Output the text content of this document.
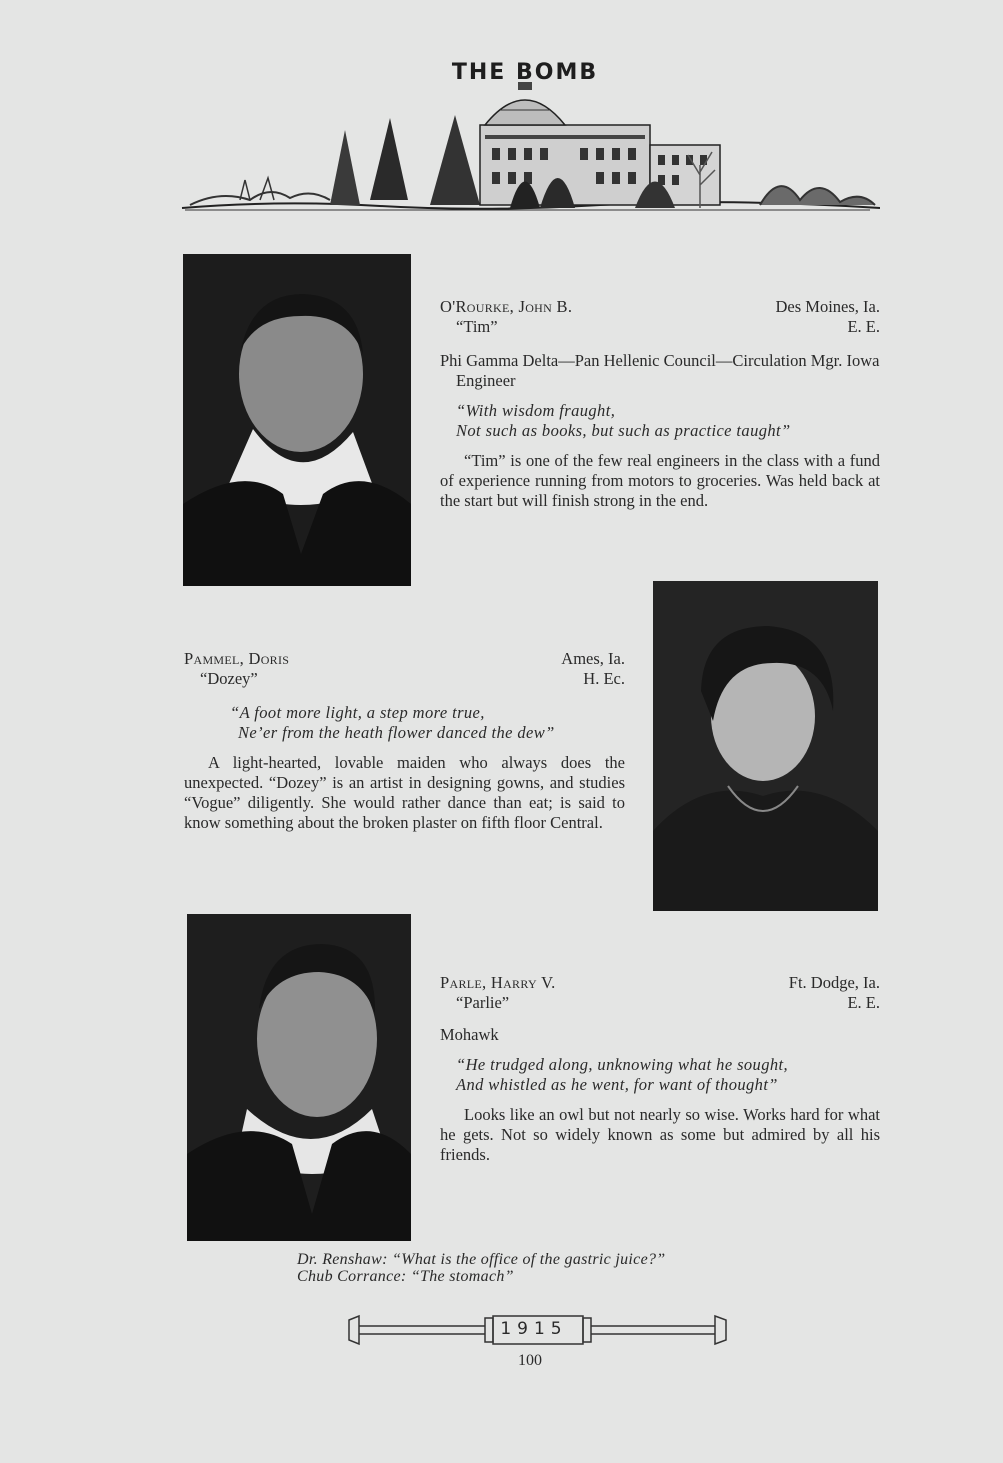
THE BOMB
O'Rourke, John B.	Des Moines, Ia.
“Tim”	E. E.
Phi Gamma Delta—Pan Hellenic Council—Circulation Mgr. Iowa Engineer
“With wisdom fraught,
Not such as books, but such as practice taught”
“Tim” is one of the few real engineers in the class with a fund of experience running from motors to groceries. Was held back at the start but will finish strong in the end.
Pammel, Doris	Ames, Ia.
“Dozey”	H. Ec.
“A foot more light, a step more true,
Ne’er from the heath flower danced the dew”
A light-hearted, lovable maiden who always does the unexpected. “Dozey” is an artist in designing gowns, and studies “Vogue” diligently. She would rather dance than eat; is said to know something about the broken plaster on fifth floor Central.
Parle, Harry V.	Ft. Dodge, Ia.
“Parlie”	E. E.
Mohawk
“He trudged along, unknowing what he sought,
And whistled as he went, for want of thought”
Looks like an owl but not nearly so wise. Works hard for what he gets. Not so widely known as some but admired by all his friends.
Dr. Renshaw: “What is the office of the gastric juice?”
Chub Corrance: “The stomach”
1915
100
